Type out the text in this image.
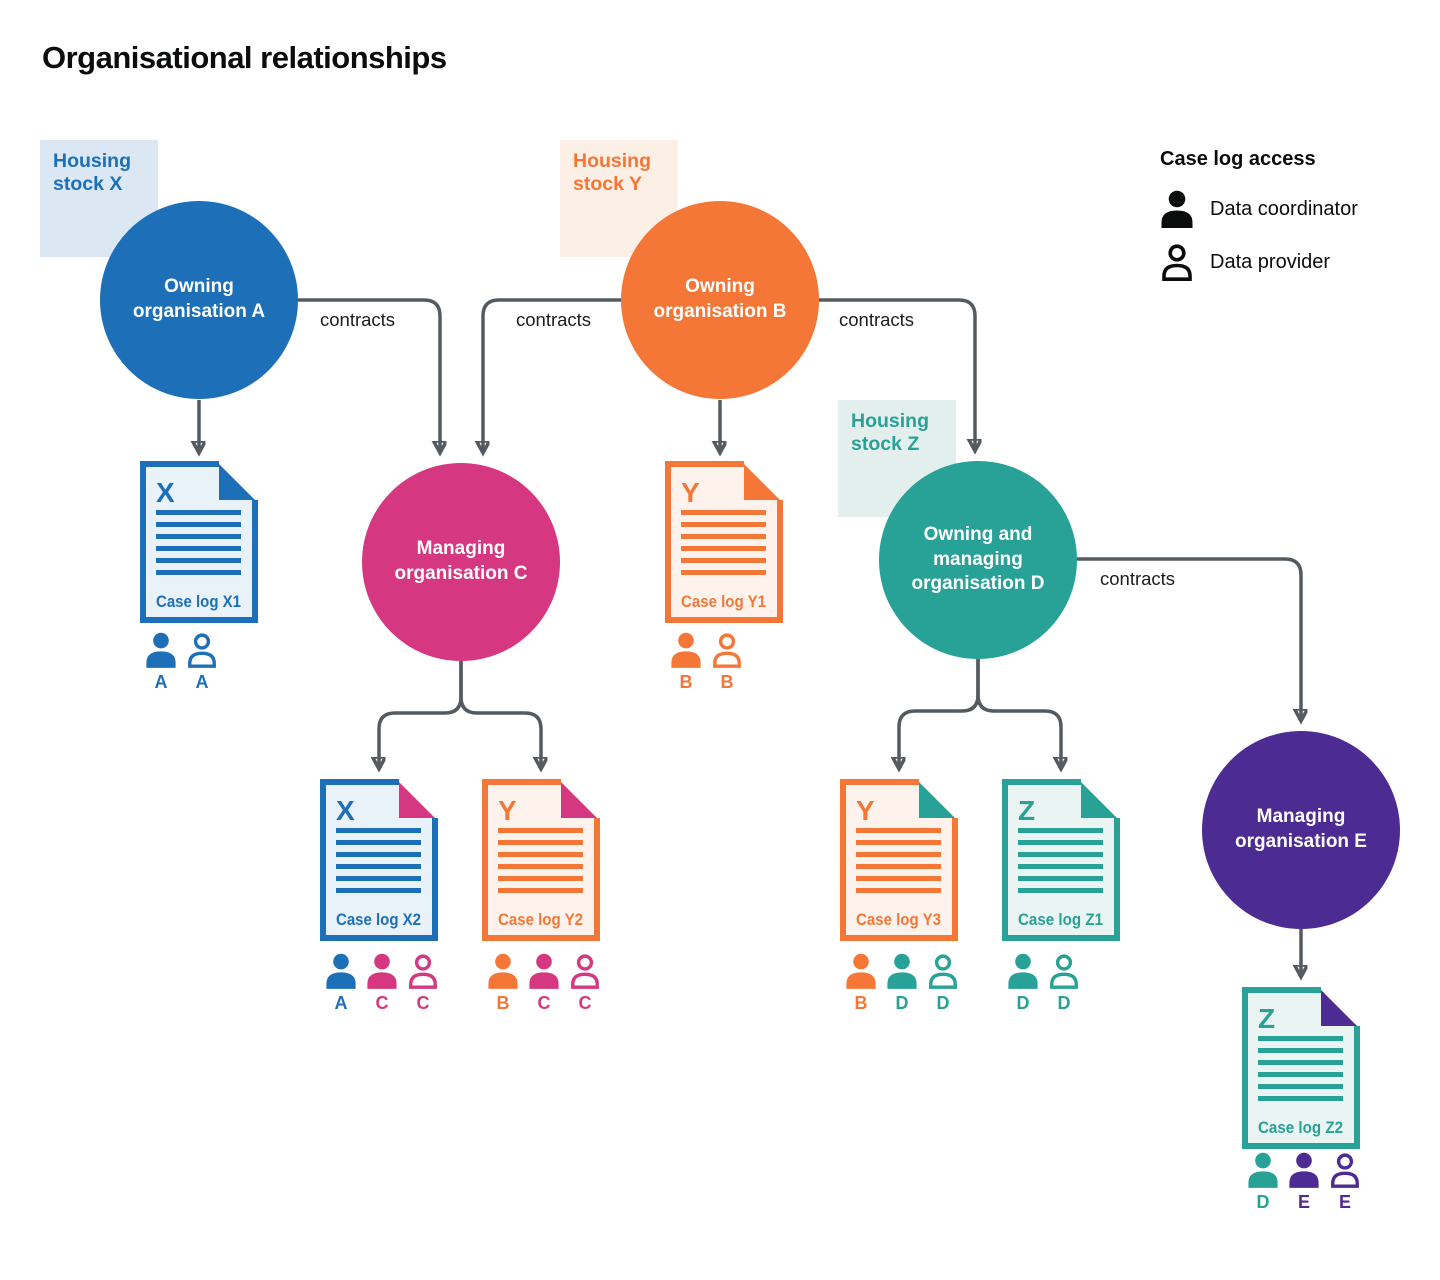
Organisational relationships
Housing stock X
Housing stock Y
Housing stock Z
Owning organisation A
Owning organisation B
Managing organisation C
Owning and managing organisation D
Managing organisation E
contracts	contracts	contracts
contracts
X
Case log X1
Y
Case log Y1
X
Case log X2
Y
Case log Y2
Y
Case log Y3
Z
Case log Z1
Z
Case log Z2
A A	B B
A C C	B C C	B D D	D D
D E E
Case log access
Data coordinator
Data provider
